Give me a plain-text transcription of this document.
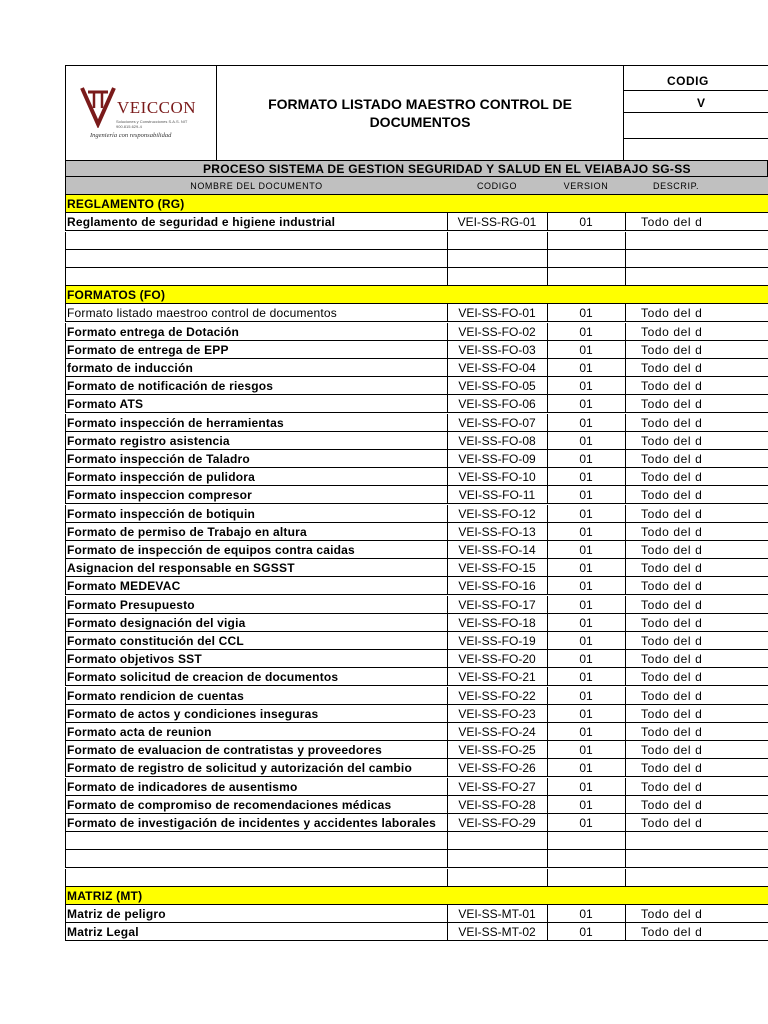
VEICCON
Soluciones y Construcciones S.A.S. NIT 900.815.629-4
Ingeniería con responsabilidad
FORMATO LISTADO MAESTRO CONTROL DE DOCUMENTOS
CODIG
V
PROCESO SISTEMA DE GESTION SEGURIDAD Y SALUD EN EL VEIABAJO SG-SS
NOMBRE DEL DOCUMENTO	CODIGO	VERSION	DESCRIP.
REGLAMENTO (RG)
Reglamento de seguridad e higiene industrial	VEI-SS-RG-01	01	Todo del d
FORMATOS (FO)
Formato listado maestroo control de documentos	VEI-SS-FO-01	01	Todo del d
Formato entrega de Dotación	VEI-SS-FO-02	01	Todo del d
Formato de entrega de EPP	VEI-SS-FO-03	01	Todo del d
formato de inducción	VEI-SS-FO-04	01	Todo del d
Formato de notificación de riesgos	VEI-SS-FO-05	01	Todo del d
Formato ATS	VEI-SS-FO-06	01	Todo del d
Formato inspección de herramientas	VEI-SS-FO-07	01	Todo del d
Formato registro asistencia	VEI-SS-FO-08	01	Todo del d
Formato inspección de Taladro	VEI-SS-FO-09	01	Todo del d
Formato inspección de pulidora	VEI-SS-FO-10	01	Todo del d
Formato inspeccion compresor	VEI-SS-FO-11	01	Todo del d
Formato inspección de botiquin	VEI-SS-FO-12	01	Todo del d
Formato de permiso de Trabajo en altura	VEI-SS-FO-13	01	Todo del d
Formato de inspección de equipos contra caidas	VEI-SS-FO-14	01	Todo del d
Asignacion del responsable en SGSST	VEI-SS-FO-15	01	Todo del d
Formato MEDEVAC	VEI-SS-FO-16	01	Todo del d
Formato Presupuesto	VEI-SS-FO-17	01	Todo del d
Formato designación del vigia	VEI-SS-FO-18	01	Todo del d
Formato constitución del CCL	VEI-SS-FO-19	01	Todo del d
Formato objetivos SST	VEI-SS-FO-20	01	Todo del d
Formato solicitud de creacion de documentos	VEI-SS-FO-21	01	Todo del d
Formato rendicion de cuentas	VEI-SS-FO-22	01	Todo del d
Formato de actos y condiciones inseguras	VEI-SS-FO-23	01	Todo del d
Formato acta de reunion	VEI-SS-FO-24	01	Todo del d
Formato de evaluacion de contratistas y proveedores	VEI-SS-FO-25	01	Todo del d
Formato de registro de solicitud y autorización del cambio	VEI-SS-FO-26	01	Todo del d
Formato de indicadores de ausentismo	VEI-SS-FO-27	01	Todo del d
Formato de compromiso de recomendaciones médicas	VEI-SS-FO-28	01	Todo del d
Formato de investigación de incidentes y accidentes laborales	VEI-SS-FO-29	01	Todo del d
MATRIZ (MT)
Matriz de peligro	VEI-SS-MT-01	01	Todo del d
Matriz Legal	VEI-SS-MT-02	01	Todo del d
